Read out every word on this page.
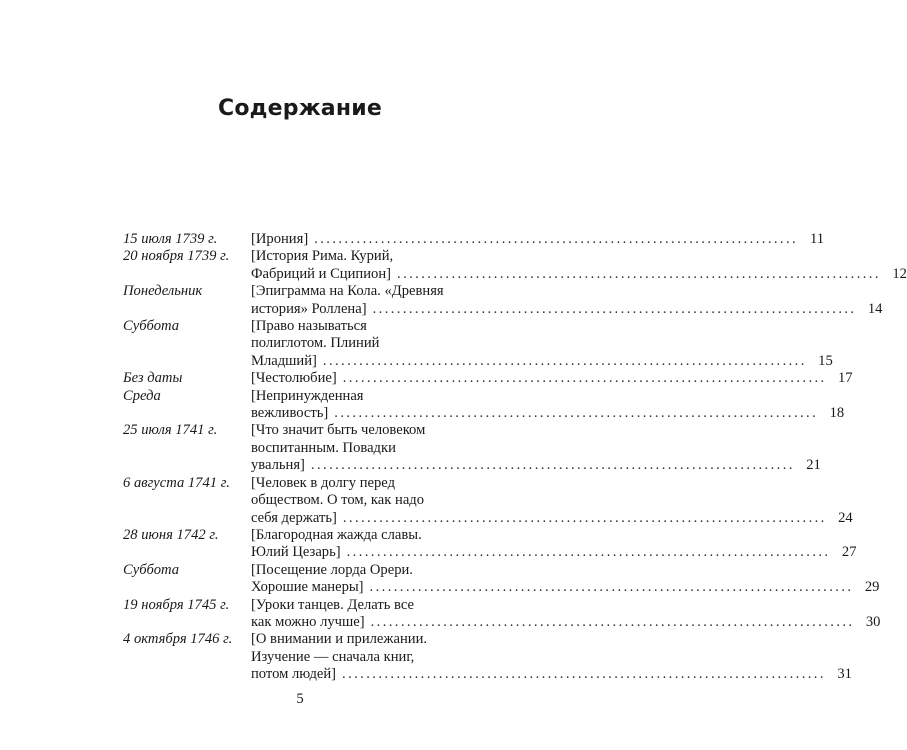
Содержание
15 июля 1739 г.	[Ирония] ................................................................................ 11
20 ноября 1739 г.	[История Рима. Курий,
Фабриций и Сципион] ................................................................................ 12
Понедельник	[Эпиграмма на Кола. «Древняя
история» Роллена] ................................................................................ 14
Суббота	[Право называться
полиглотом. Плиний
Младший] ................................................................................ 15
Без даты	[Честолюбие] ................................................................................ 17
Среда	[Непринужденная
вежливость] ................................................................................ 18
25 июля 1741 г.	[Что значит быть человеком
воспитанным. Повадки
увальня] ................................................................................ 21
6 августа 1741 г.	[Человек в долгу перед
обществом. О том, как надо
себя держать] ................................................................................ 24
28 июня 1742 г.	[Благородная жажда славы.
Юлий Цезарь] ................................................................................ 27
Суббота	[Посещение лорда Орери.
Хорошие манеры] ................................................................................ 29
19 ноября 1745 г.	[Уроки танцев. Делать все
как можно лучше] ................................................................................ 30
4 октября 1746 г.	[О внимании и прилежании.
Изучение — сначала книг,
потом людей] ................................................................................ 31
5
